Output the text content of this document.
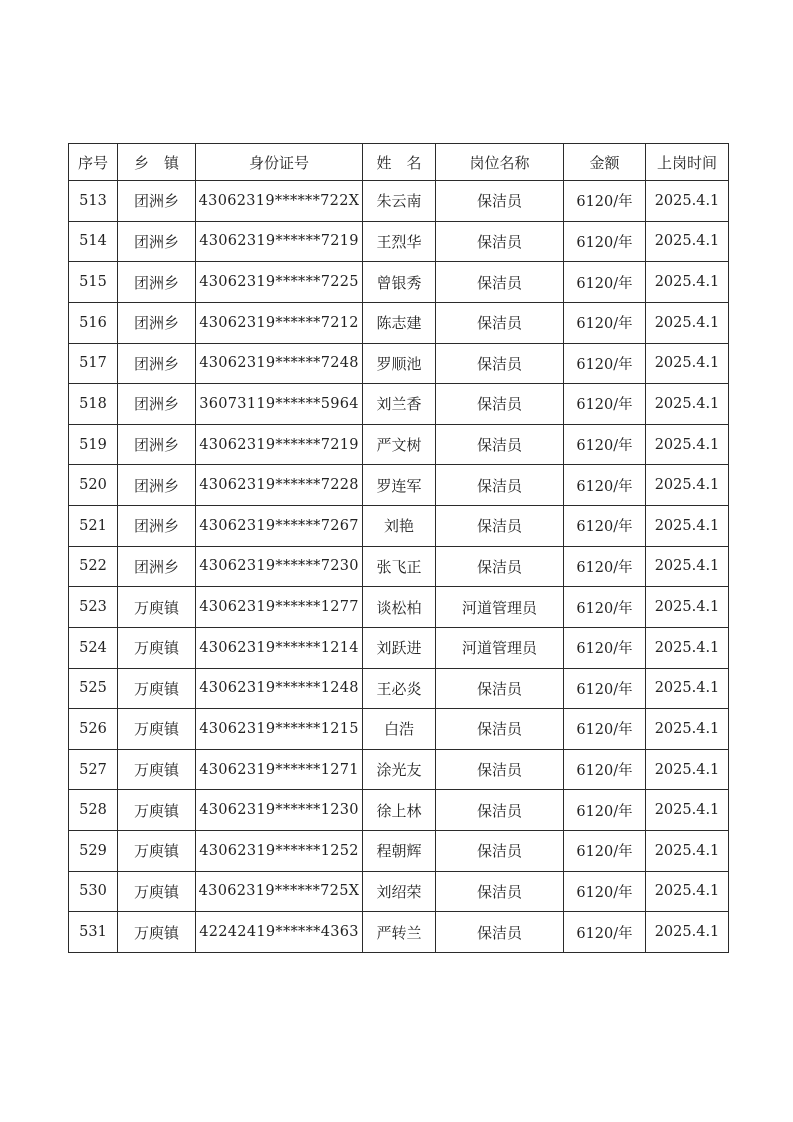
序号	乡　镇	身份证号	姓　名	岗位名称	金额	上岗时间
513	团洲乡	43062319******722X	朱云南	保洁员	6120/年	2025.4.1
514	团洲乡	43062319******7219	王烈华	保洁员	6120/年	2025.4.1
515	团洲乡	43062319******7225	曾银秀	保洁员	6120/年	2025.4.1
516	团洲乡	43062319******7212	陈志建	保洁员	6120/年	2025.4.1
517	团洲乡	43062319******7248	罗顺池	保洁员	6120/年	2025.4.1
518	团洲乡	36073119******5964	刘兰香	保洁员	6120/年	2025.4.1
519	团洲乡	43062319******7219	严文树	保洁员	6120/年	2025.4.1
520	团洲乡	43062319******7228	罗连军	保洁员	6120/年	2025.4.1
521	团洲乡	43062319******7267	刘艳	保洁员	6120/年	2025.4.1
522	团洲乡	43062319******7230	张飞正	保洁员	6120/年	2025.4.1
523	万庾镇	43062319******1277	谈松柏	河道管理员	6120/年	2025.4.1
524	万庾镇	43062319******1214	刘跃进	河道管理员	6120/年	2025.4.1
525	万庾镇	43062319******1248	王必炎	保洁员	6120/年	2025.4.1
526	万庾镇	43062319******1215	白浩	保洁员	6120/年	2025.4.1
527	万庾镇	43062319******1271	涂光友	保洁员	6120/年	2025.4.1
528	万庾镇	43062319******1230	徐上林	保洁员	6120/年	2025.4.1
529	万庾镇	43062319******1252	程朝辉	保洁员	6120/年	2025.4.1
530	万庾镇	43062319******725X	刘绍荣	保洁员	6120/年	2025.4.1
531	万庾镇	42242419******4363	严转兰	保洁员	6120/年	2025.4.1
